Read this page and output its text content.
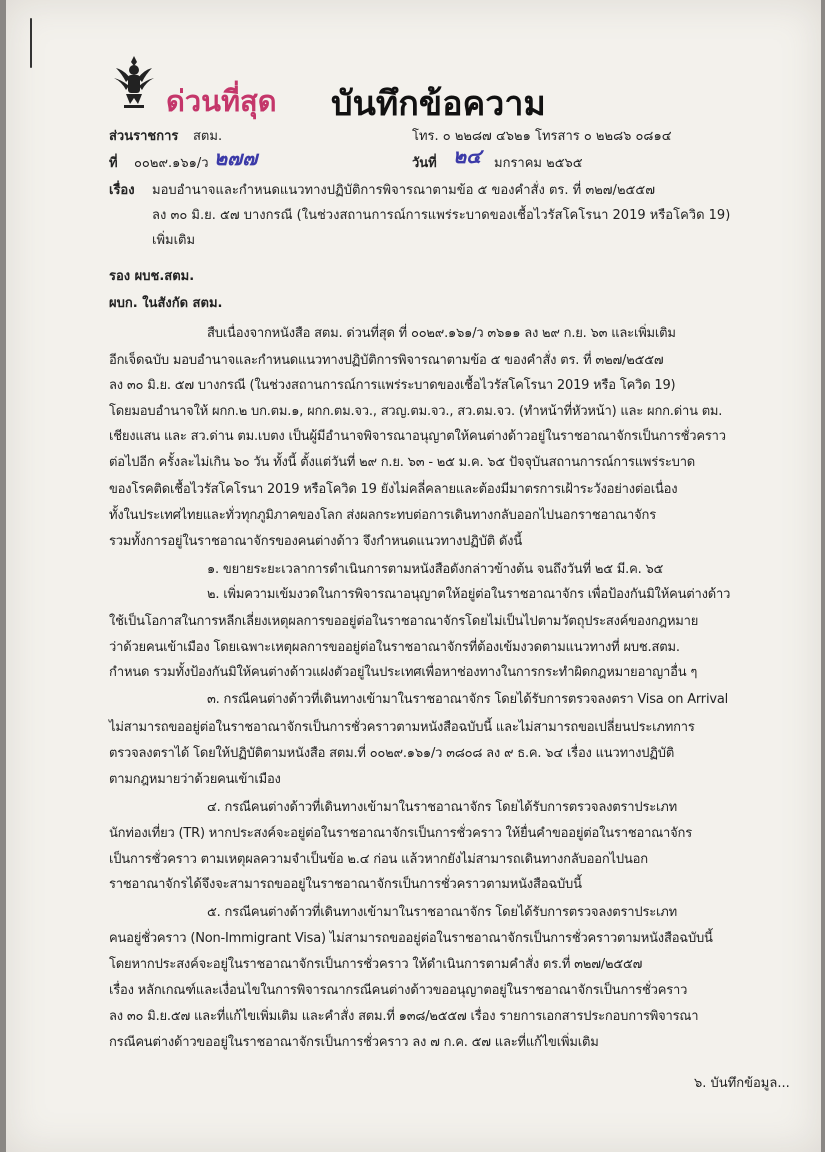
ด่วนที่สุด บันทึกข้อความ
ส่วนราชการ สตม.	โทร. ๐ ๒๒๘๗ ๔๖๒๑ โทรสาร ๐ ๒๒๘๖ ๐๘๑๔
ที่ ๐๐๒๙.๑๖๑/ว ๒๗๗	วันที่ ๒๔ มกราคม ๒๕๖๕
เรื่อง มอบอำนาจและกำหนดแนวทางปฏิบัติการพิจารณาตามข้อ ๕ ของคำสั่ง ตร. ที่ ๓๒๗/๒๕๕๗
ลง ๓๐ มิ.ย. ๕๗ บางกรณี (ในช่วงสถานการณ์การแพร่ระบาดของเชื้อไวรัสโคโรนา 2019 หรือโควิด 19)
เพิ่มเติม
รอง ผบช.สตม.
ผบก. ในสังกัด สตม.
สืบเนื่องจากหนังสือ สตม. ด่วนที่สุด ที่ ๐๐๒๙.๑๖๑/ว ๓๖๑๑ ลง ๒๙ ก.ย. ๖๓ และเพิ่มเติม
อีกเจ็ดฉบับ มอบอำนาจและกำหนดแนวทางปฏิบัติการพิจารณาตามข้อ ๕ ของคำสั่ง ตร. ที่ ๓๒๗/๒๕๕๗
ลง ๓๐ มิ.ย. ๕๗ บางกรณี (ในช่วงสถานการณ์การแพร่ระบาดของเชื้อไวรัสโคโรนา 2019 หรือ โควิด 19)
โดยมอบอำนาจให้ ผกก.๒ บก.ตม.๑, ผกก.ตม.จว., สวญ.ตม.จว., สว.ตม.จว. (ทำหน้าที่หัวหน้า) และ ผกก.ด่าน ตม.
เชียงแสน และ สว.ด่าน ตม.เบตง เป็นผู้มีอำนาจพิจารณาอนุญาตให้คนต่างด้าวอยู่ในราชอาณาจักรเป็นการชั่วคราว
ต่อไปอีก ครั้งละไม่เกิน ๖๐ วัน ทั้งนี้ ตั้งแต่วันที่ ๒๙ ก.ย. ๖๓ - ๒๕ ม.ค. ๖๕ ปัจจุบันสถานการณ์การแพร่ระบาด
ของโรคติดเชื้อไวรัสโคโรนา 2019 หรือโควิด 19 ยังไม่คลี่คลายและต้องมีมาตรการเฝ้าระวังอย่างต่อเนื่อง
ทั้งในประเทศไทยและทั่วทุกภูมิภาคของโลก ส่งผลกระทบต่อการเดินทางกลับออกไปนอกราชอาณาจักร
รวมทั้งการอยู่ในราชอาณาจักรของคนต่างด้าว จึงกำหนดแนวทางปฏิบัติ ดังนี้
๑. ขยายระยะเวลาการดำเนินการตามหนังสือดังกล่าวข้างต้น จนถึงวันที่ ๒๕ มี.ค. ๖๕
๒. เพิ่มความเข้มงวดในการพิจารณาอนุญาตให้อยู่ต่อในราชอาณาจักร เพื่อป้องกันมิให้คนต่างด้าว
ใช้เป็นโอกาสในการหลีกเลี่ยงเหตุผลการขออยู่ต่อในราชอาณาจักรโดยไม่เป็นไปตามวัตถุประสงค์ของกฎหมาย
ว่าด้วยคนเข้าเมือง โดยเฉพาะเหตุผลการขออยู่ต่อในราชอาณาจักรที่ต้องเข้มงวดตามแนวทางที่ ผบช.สตม.
กำหนด รวมทั้งป้องกันมิให้คนต่างด้าวแฝงตัวอยู่ในประเทศเพื่อหาช่องทางในการกระทำผิดกฎหมายอาญาอื่น ๆ
๓. กรณีคนต่างด้าวที่เดินทางเข้ามาในราชอาณาจักร โดยได้รับการตรวจลงตรา Visa on Arrival
ไม่สามารถขออยู่ต่อในราชอาณาจักรเป็นการชั่วคราวตามหนังสือฉบับนี้ และไม่สามารถขอเปลี่ยนประเภทการ
ตรวจลงตราได้ โดยให้ปฏิบัติตามหนังสือ สตม.ที่ ๐๐๒๙.๑๖๑/ว ๓๘๐๘ ลง ๙ ธ.ค. ๖๔ เรื่อง แนวทางปฏิบัติ
ตามกฎหมายว่าด้วยคนเข้าเมือง
๔. กรณีคนต่างด้าวที่เดินทางเข้ามาในราชอาณาจักร โดยได้รับการตรวจลงตราประเภท
นักท่องเที่ยว (TR) หากประสงค์จะอยู่ต่อในราชอาณาจักรเป็นการชั่วคราว ให้ยื่นคำขออยู่ต่อในราชอาณาจักร
เป็นการชั่วคราว ตามเหตุผลความจำเป็นข้อ ๒.๔ ก่อน แล้วหากยังไม่สามารถเดินทางกลับออกไปนอก
ราชอาณาจักรได้จึงจะสามารถขออยู่ในราชอาณาจักรเป็นการชั่วคราวตามหนังสือฉบับนี้
๕. กรณีคนต่างด้าวที่เดินทางเข้ามาในราชอาณาจักร โดยได้รับการตรวจลงตราประเภท
คนอยู่ชั่วคราว (Non-Immigrant Visa) ไม่สามารถขออยู่ต่อในราชอาณาจักรเป็นการชั่วคราวตามหนังสือฉบับนี้
โดยหากประสงค์จะอยู่ในราชอาณาจักรเป็นการชั่วคราว ให้ดำเนินการตามคำสั่ง ตร.ที่ ๓๒๗/๒๕๕๗
เรื่อง หลักเกณฑ์และเงื่อนไขในการพิจารณากรณีคนต่างด้าวขออนุญาตอยู่ในราชอาณาจักรเป็นการชั่วคราว
ลง ๓๐ มิ.ย.๕๗ และที่แก้ไขเพิ่มเติม และคำสั่ง สตม.ที่ ๑๓๘/๒๕๕๗ เรื่อง รายการเอกสารประกอบการพิจารณา
กรณีคนต่างด้าวขออยู่ในราชอาณาจักรเป็นการชั่วคราว ลง ๗ ก.ค. ๕๗ และที่แก้ไขเพิ่มเติม
๖. บันทึกข้อมูล...
